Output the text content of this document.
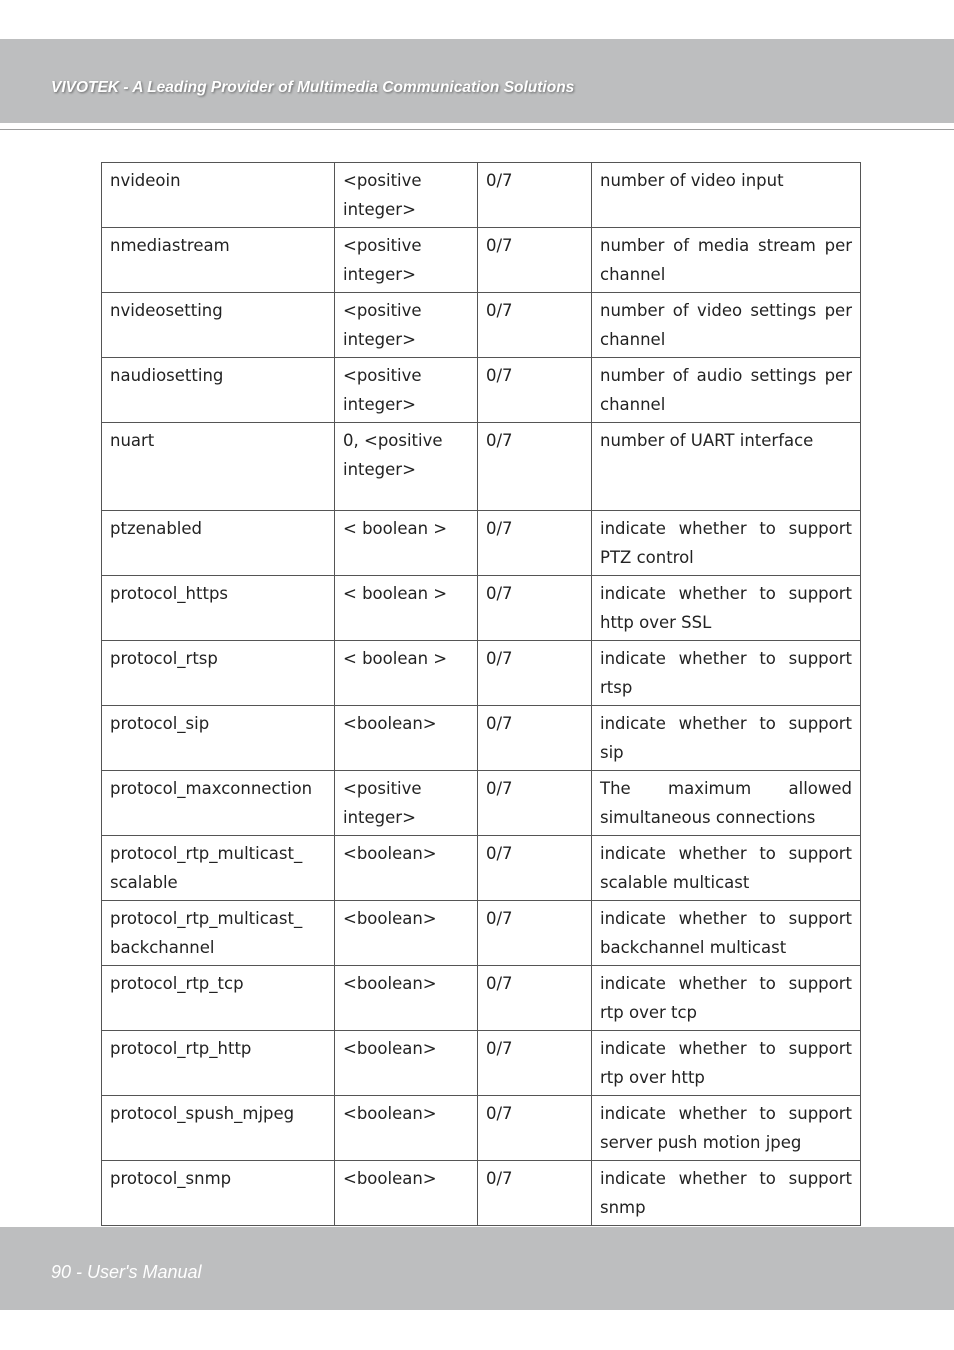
VIVOTEK - A Leading Provider of Multimedia Communication Solutions
nvideoin	<positive integer>	0/7	number of video input
nmediastream	<positive integer>	0/7	number of media stream per channel
nvideosetting	<positive integer>	0/7	number of video settings per channel
naudiosetting	<positive integer>	0/7	number of audio settings per channel
nuart	0, <positive integer>	0/7	number of UART interface
ptzenabled	< boolean >	0/7	indicate whether to support PTZ control
protocol_https	< boolean >	0/7	indicate whether to support http over SSL
protocol_rtsp	< boolean >	0/7	indicate whether to support rtsp
protocol_sip	<boolean>	0/7	indicate whether to support sip
protocol_maxconnection	<positive integer>	0/7	The maximum allowed simultaneous connections
protocol_rtp_multicast_ scalable	<boolean>	0/7	indicate whether to support scalable multicast
protocol_rtp_multicast_ backchannel	<boolean>	0/7	indicate whether to support backchannel multicast
protocol_rtp_tcp	<boolean>	0/7	indicate whether to support rtp over tcp
protocol_rtp_http	<boolean>	0/7	indicate whether to support rtp over http
protocol_spush_mjpeg	<boolean>	0/7	indicate whether to support server push motion jpeg
protocol_snmp	<boolean>	0/7	indicate whether to support snmp
90 - User's Manual
